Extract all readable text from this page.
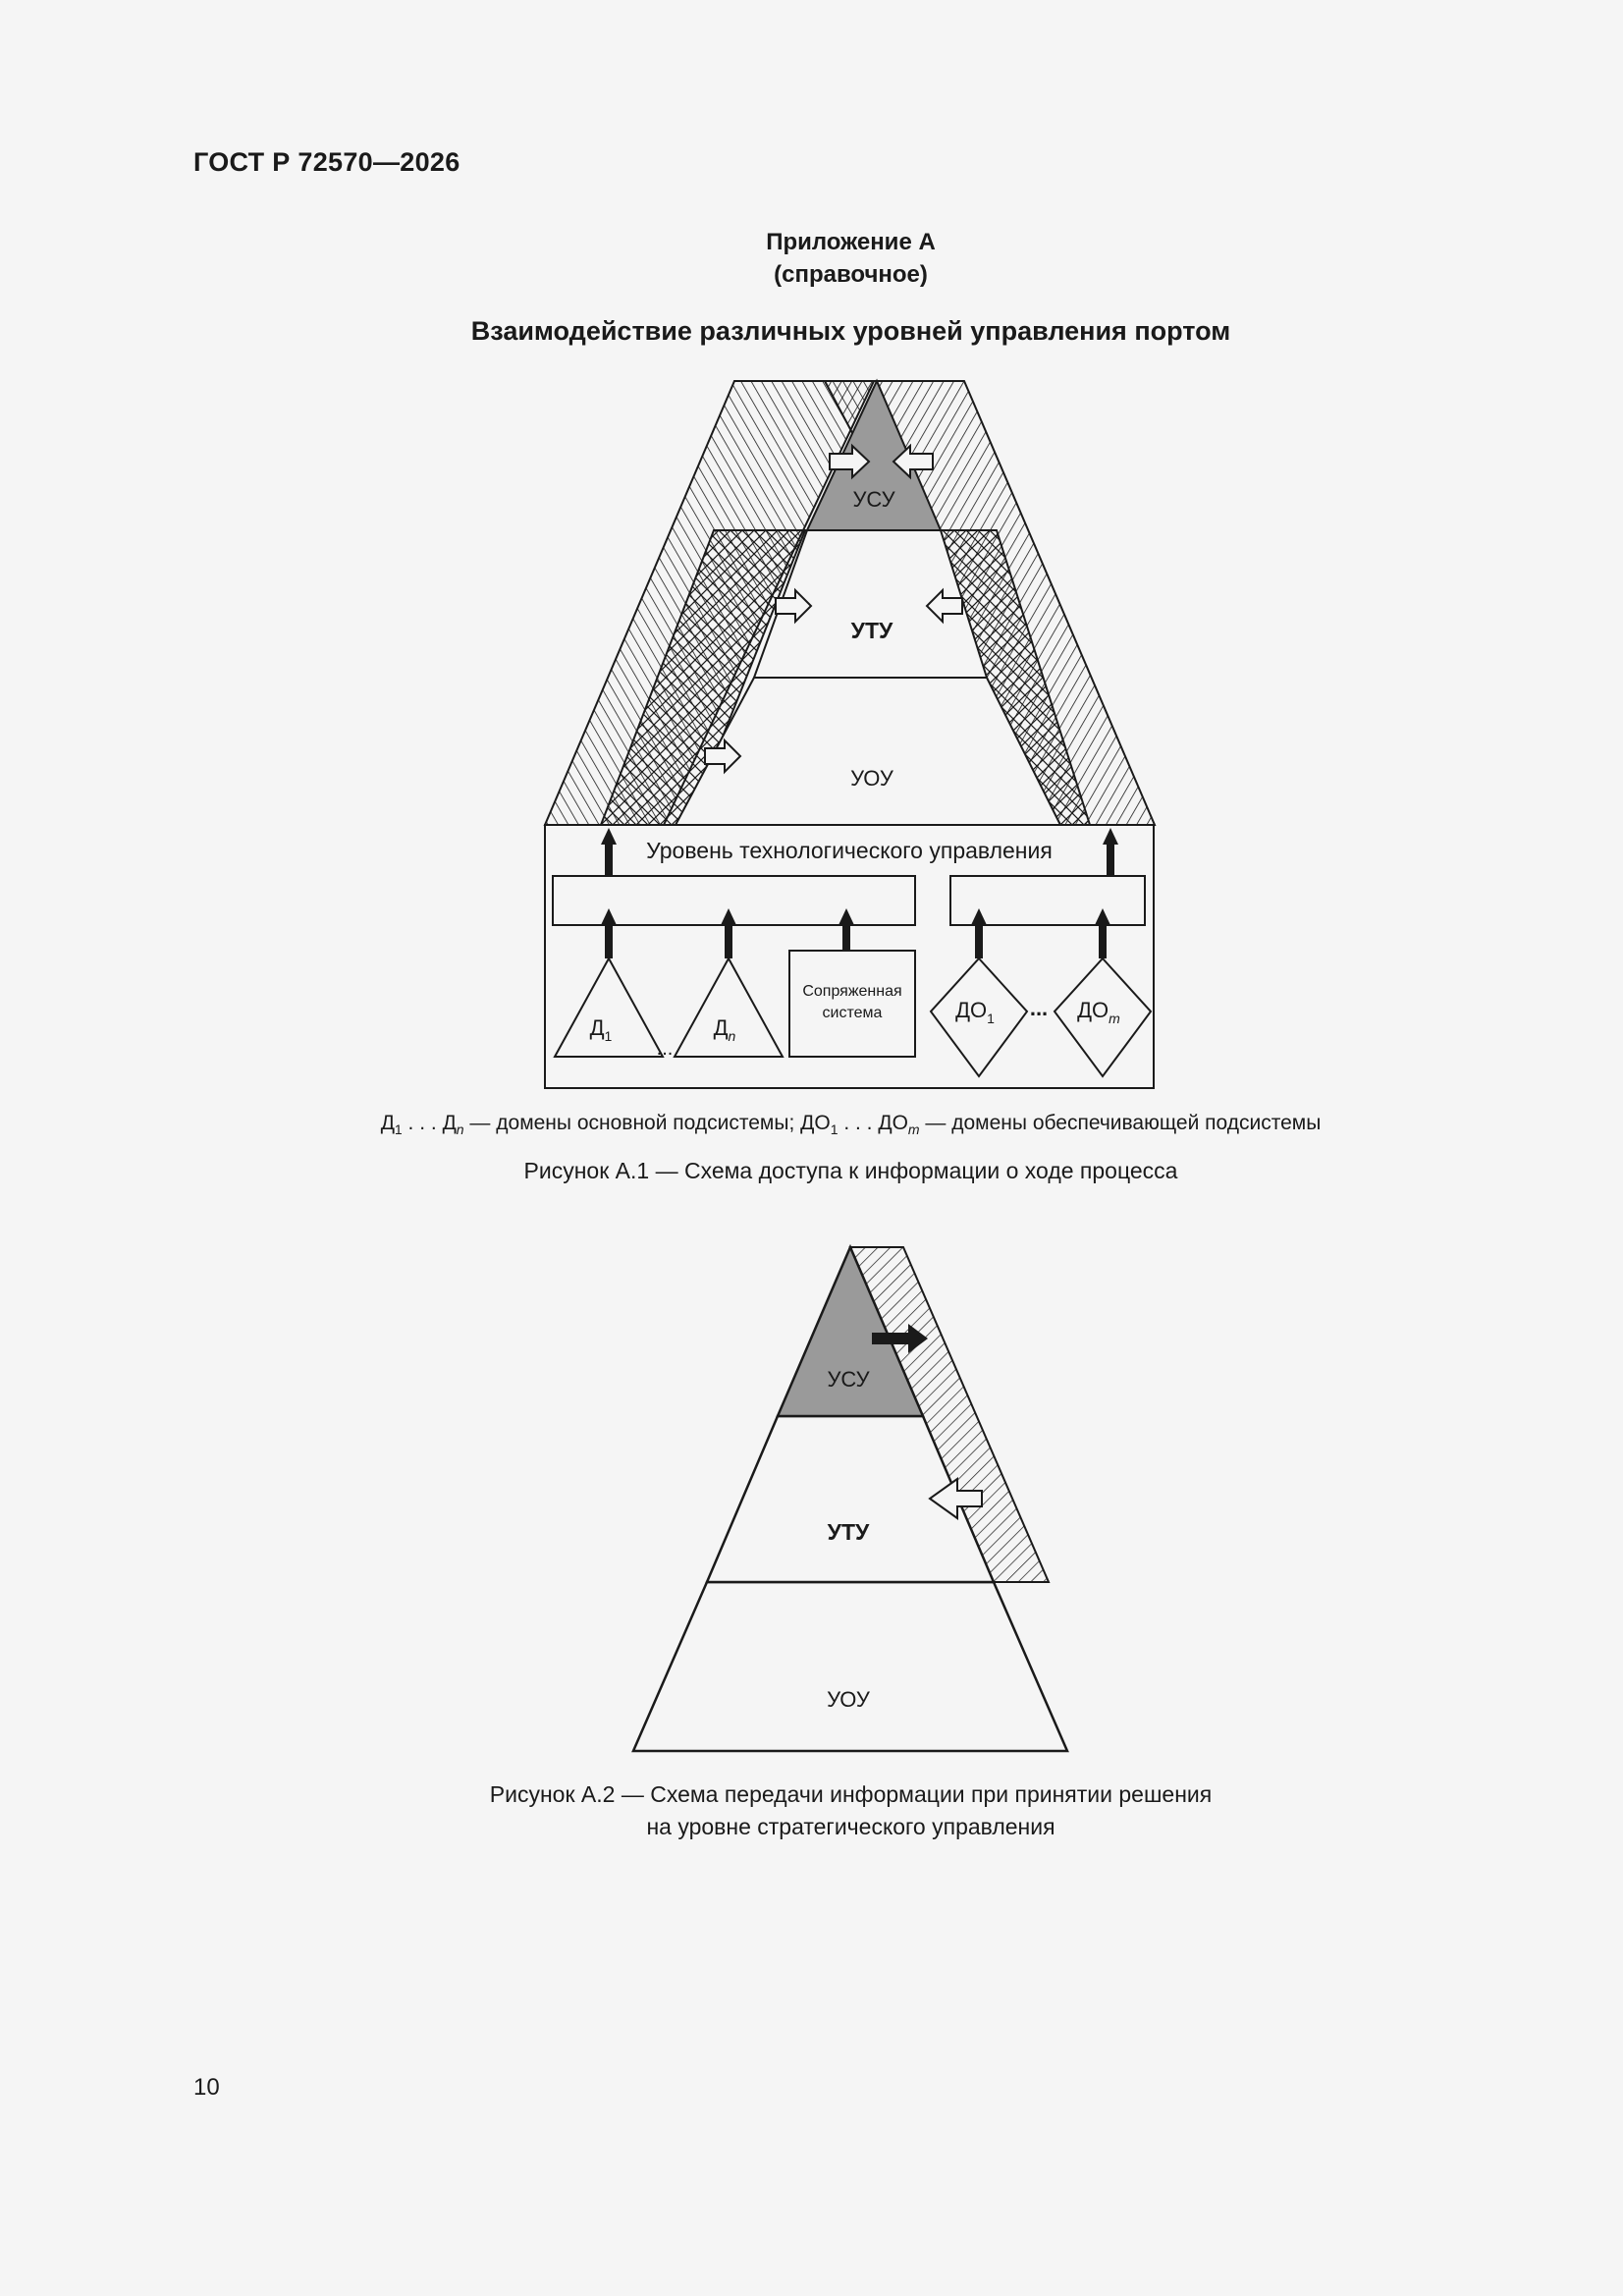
ГОСТ Р 72570—2026
Приложение А
(справочное)
Взаимодействие различных уровней управления портом
УСУ
УТУ
УОУ
Уровень технологического управления
$Д_1$
...
$Д_n$
Сопряженная
система	$ДО_1$ ... $ДО_m$
УСУ
УТУ
УОУ
$Д_1$ . . . $Д_n$ — домены основной подсистемы; $ДО_1$ . . . $ДО_m$ — домены обеспечивающей подсистемы
Рисунок А.1 — Схема доступа к информации о ходе процесса
Рисунок А.2 — Схема передачи информации при принятии решения
на уровне стратегического управления
10
